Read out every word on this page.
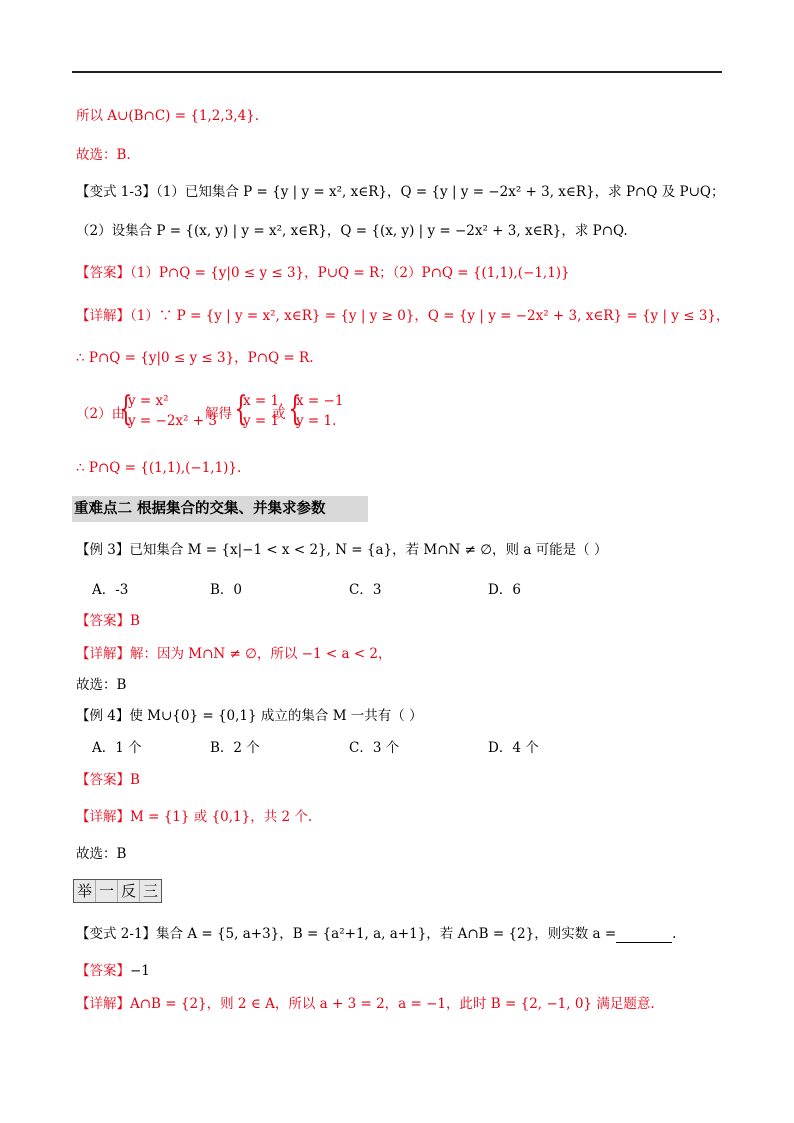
所以 A∪(B∩C) = {1,2,3,4}.
故选：B.
【变式 1-3】（1）已知集合 P = {y | y = x², x∈R}，Q = {y | y = −2x² + 3, x∈R}，求 P∩Q 及 P∪Q；
（2）设集合 P = {(x, y) | y = x², x∈R}，Q = {(x, y) | y = −2x² + 3, x∈R}，求 P∩Q.
【答案】（1）P∩Q = {y|0 ≤ y ≤ 3}，P∪Q = R；（2）P∩Q = {(1,1),(−1,1)}
【详解】（1）∵ P = {y | y = x², x∈R} = {y | y ≥ 0}，Q = {y | y = −2x² + 3, x∈R} = {y | y ≤ 3}，
∴ P∩Q = {y|0 ≤ y ≤ 3}，P∩Q = R.
（2）由
{
y = x²
y = −2x² + 3
解得 {
x = 1,
y = 1
或 {
x = −1
y = 1.
∴ P∩Q = {(1,1),(−1,1)}.
重难点二 根据集合的交集、并集求参数
【例 3】已知集合 M = {x|−1 < x < 2}, N = {a}，若 M∩N ≠ ∅，则 a 可能是（ ）
A．-3	B．0	C．3	D．6
【答案】B
【详解】解：因为 M∩N ≠ ∅，所以 −1 < a < 2，
故选：B
【例 4】使 M∪{0} = {0,1} 成立的集合 M 一共有（ ）
A．1 个	B．2 个	C．3 个	D．4 个
【答案】B
【详解】M = {1} 或 {0,1}，共 2 个.
故选：B
举 一 反 三
【变式 2-1】集合 A = {5, a+3}，B = {a²+1, a, a+1}，若 A∩B = {2}，则实数 a =	.
【答案】−1
【详解】A∩B = {2}，则 2 ∈ A，所以 a + 3 = 2，a = −1，此时 B = {2, −1, 0} 满足题意.
